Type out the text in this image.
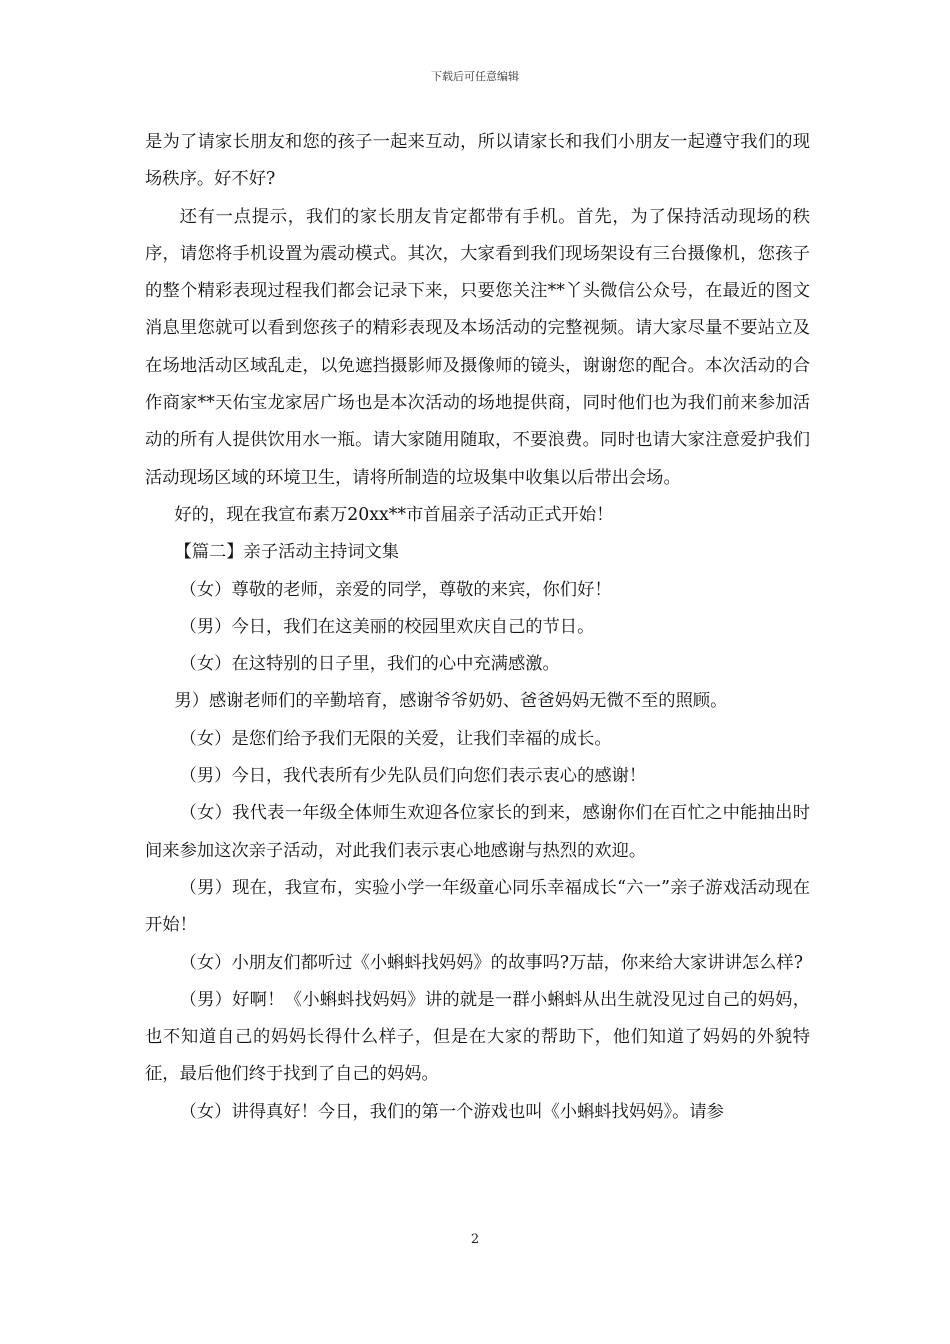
下载后可任意编辑

是为了请家长朋友和您的孩子一起来互动，所以请家长和我们小朋友一起遵守我们的现场秩序。好不好?

还有一点提示，我们的家长朋友肯定都带有手机。首先，为了保持活动现场的秩序，请您将手机设置为震动模式。其次，大家看到我们现场架设有三台摄像机，您孩子的整个精彩表现过程我们都会记录下来，只要您关注**丫头微信公众号，在最近的图文消息里您就可以看到您孩子的精彩表现及本场活动的完整视频。请大家尽量不要站立及在场地活动区域乱走，以免遮挡摄影师及摄像师的镜头，谢谢您的配合。本次活动的合作商家**天佑宝龙家居广场也是本次活动的场地提供商，同时他们也为我们前来参加活动的所有人提供饮用水一瓶。请大家随用随取，不要浪费。同时也请大家注意爱护我们活动现场区域的环境卫生，请将所制造的垃圾集中收集以后带出会场。

好的，现在我宣布素万20xx**市首届亲子活动正式开始！

【篇二】亲子活动主持词文集

（女）尊敬的老师，亲爱的同学，尊敬的来宾，你们好！

（男）今日，我们在这美丽的校园里欢庆自己的节日。

（女）在这特别的日子里，我们的心中充满感激。

男）感谢老师们的辛勤培育，感谢爷爷奶奶、爸爸妈妈无微不至的照顾。

（女）是您们给予我们无限的关爱，让我们幸福的成长。

（男）今日，我代表所有少先队员们向您们表示衷心的感谢！

（女）我代表一年级全体师生欢迎各位家长的到来，感谢你们在百忙之中能抽出时间来参加这次亲子活动，对此我们表示衷心地感谢与热烈的欢迎。

（男）现在，我宣布，实验小学一年级童心同乐幸福成长“六一”亲子游戏活动现在开始！

（女）小朋友们都听过《小蝌蚪找妈妈》的故事吗?万喆，你来给大家讲讲怎么样?

（男）好啊！《小蝌蚪找妈妈》讲的就是一群小蝌蚪从出生就没见过自己的妈妈，也不知道自己的妈妈长得什么样子，但是在大家的帮助下，他们知道了妈妈的外貌特征，最后他们终于找到了自己的妈妈。

（女）讲得真好！今日，我们的第一个游戏也叫《小蝌蚪找妈妈》。请参

2
